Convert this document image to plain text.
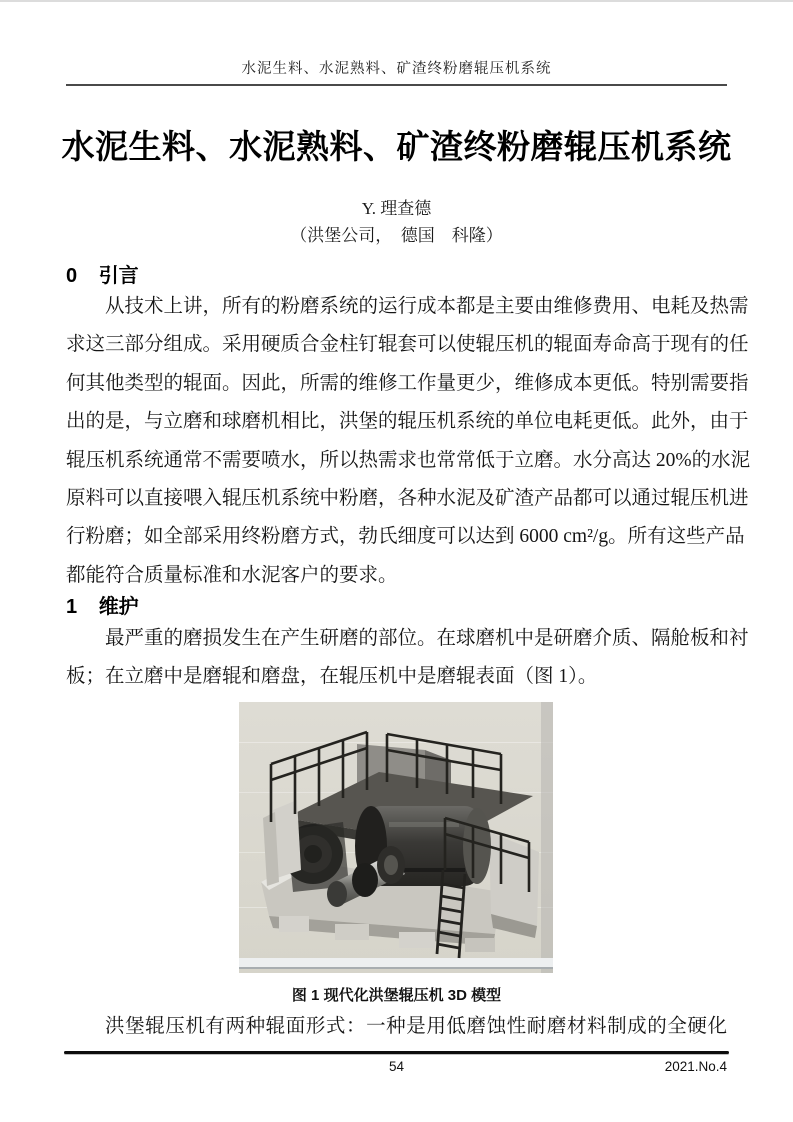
水泥生料、水泥熟料、矿渣终粉磨辊压机系统
水泥生料、水泥熟料、矿渣终粉磨辊压机系统
Y. 理查德
（洪堡公司，　德国　科隆）
0 引言
从技术上讲，所有的粉磨系统的运行成本都是主要由维修费用、电耗及热需
求这三部分组成。采用硬质合金柱钉辊套可以使辊压机的辊面寿命高于现有的任
何其他类型的辊面。因此，所需的维修工作量更少，维修成本更低。特别需要指
出的是，与立磨和球磨机相比，洪堡的辊压机系统的单位电耗更低。此外，由于
辊压机系统通常不需要喷水，所以热需求也常常低于立磨。水分高达 20%的水泥
原料可以直接喂入辊压机系统中粉磨，各种水泥及矿渣产品都可以通过辊压机进
行粉磨；如全部采用终粉磨方式，勃氏细度可以达到 6000 cm²/g。所有这些产品
都能符合质量标准和水泥客户的要求。
1 维护
最严重的磨损发生在产生研磨的部位。在球磨机中是研磨介质、隔舱板和衬
板；在立磨中是磨辊和磨盘，在辊压机中是磨辊表面（图 1）。
图 1 现代化洪堡辊压机 3D 模型
洪堡辊压机有两种辊面形式：一种是用低磨蚀性耐磨材料制成的全硬化
54	2021.No.4
